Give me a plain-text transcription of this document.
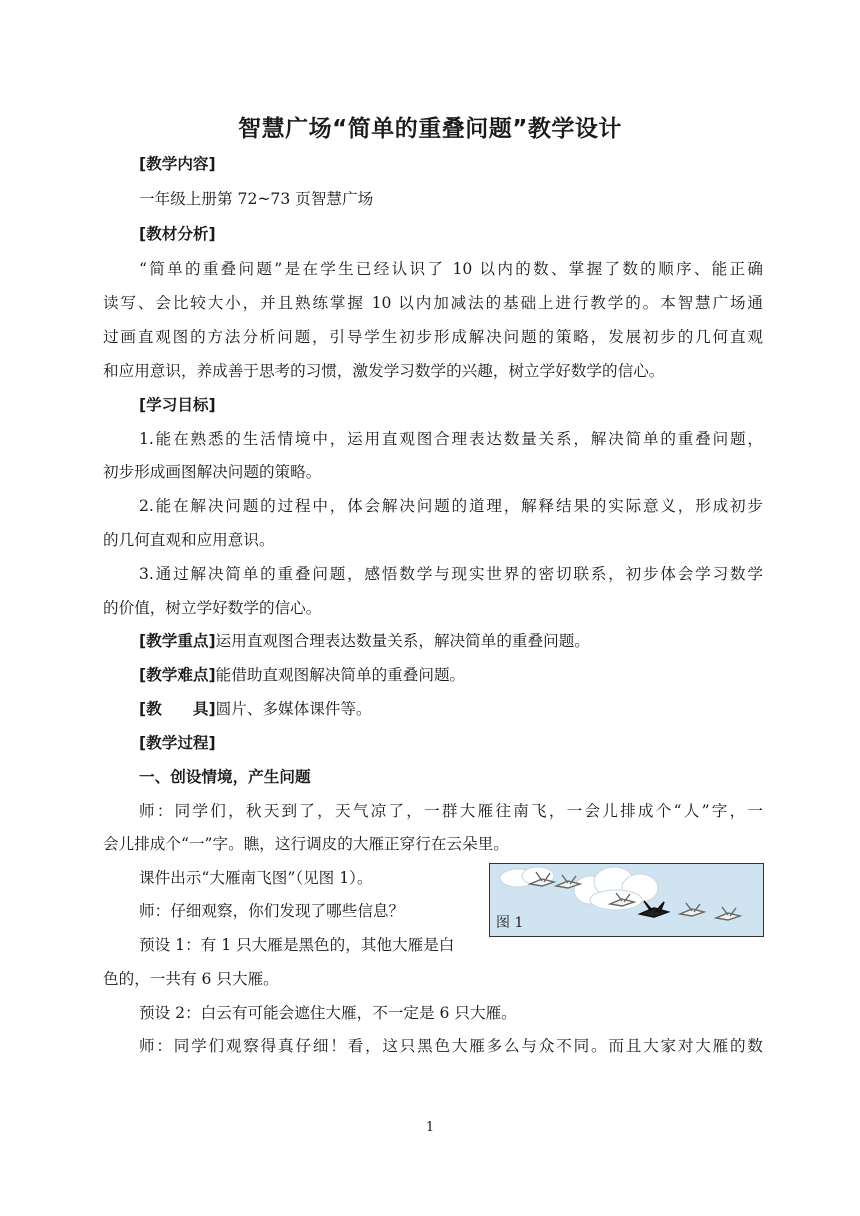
智慧广场“简单的重叠问题”教学设计
[教学内容]
一年级上册第 72~73 页智慧广场
[教材分析]
“简单的重叠问题”是在学生已经认识了 10 以内的数、掌握了数的顺序、能正确
读写、会比较大小，并且熟练掌握 10 以内加减法的基础上进行教学的。本智慧广场通
过画直观图的方法分析问题，引导学生初步形成解决问题的策略，发展初步的几何直观
和应用意识，养成善于思考的习惯，激发学习数学的兴趣，树立学好数学的信心。
[学习目标]
1.能在熟悉的生活情境中，运用直观图合理表达数量关系，解决简单的重叠问题，
初步形成画图解决问题的策略。
2.能在解决问题的过程中，体会解决问题的道理，解释结果的实际意义，形成初步
的几何直观和应用意识。
3.通过解决简单的重叠问题，感悟数学与现实世界的密切联系，初步体会学习数学
的价值，树立学好数学的信心。
[教学重点]运用直观图合理表达数量关系，解决简单的重叠问题。
[教学难点]能借助直观图解决简单的重叠问题。
[教　　具]圆片、多媒体课件等。
[教学过程]
一、创设情境，产生问题
师：同学们，秋天到了，天气凉了，一群大雁往南飞，一会儿排成个“人”字，一
会儿排成个“一”字。瞧，这行调皮的大雁正穿行在云朵里。
课件出示“大雁南飞图”（见图 1）。
师：仔细观察，你们发现了哪些信息？
预设 1：有 1 只大雁是黑色的，其他大雁是白
色的，一共有 6 只大雁。
预设 2：白云有可能会遮住大雁，不一定是 6 只大雁。
师：同学们观察得真仔细！看，这只黑色大雁多么与众不同。而且大家对大雁的数
图 1
1
